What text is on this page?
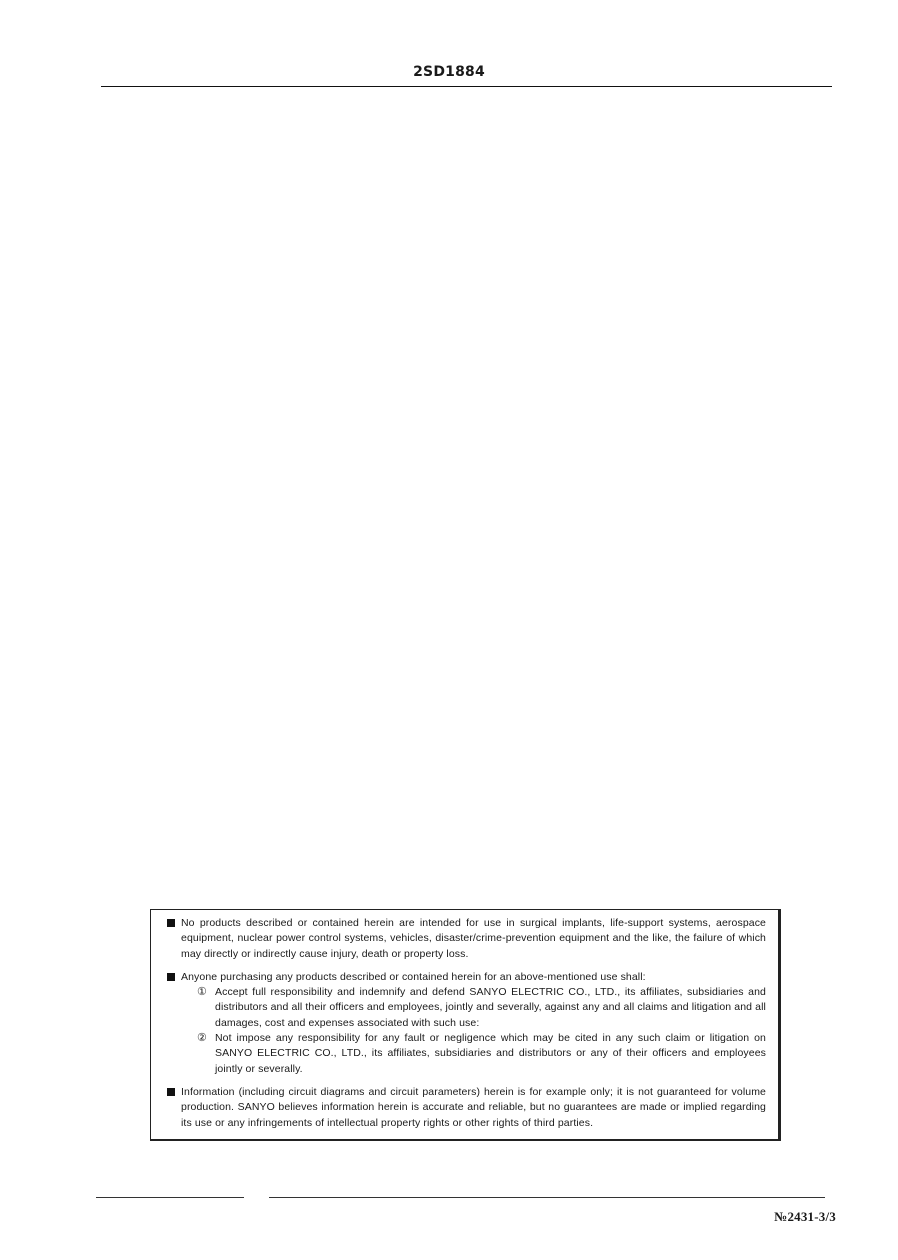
2SD1884
No products described or contained herein are intended for use in surgical implants, life-support systems, aerospace equipment, nuclear power control systems, vehicles, disaster/crime-prevention equipment and the like, the failure of which may directly or indirectly cause injury, death or property loss.
Anyone purchasing any products described or contained herein for an above-mentioned use shall:
① Accept full responsibility and indemnify and defend SANYO ELECTRIC CO., LTD., its affiliates, subsidiaries and distributors and all their officers and employees, jointly and severally, against any and all claims and litigation and all damages, cost and expenses associated with such use:
② Not impose any responsibility for any fault or negligence which may be cited in any such claim or litigation on SANYO ELECTRIC CO., LTD., its affiliates, subsidiaries and distributors or any of their officers and employees jointly or severally.
Information (including circuit diagrams and circuit parameters) herein is for example only; it is not guaranteed for volume production. SANYO believes information herein is accurate and reliable, but no guarantees are made or implied regarding its use or any infringements of intellectual property rights or other rights of third parties.
№2431-3/3
